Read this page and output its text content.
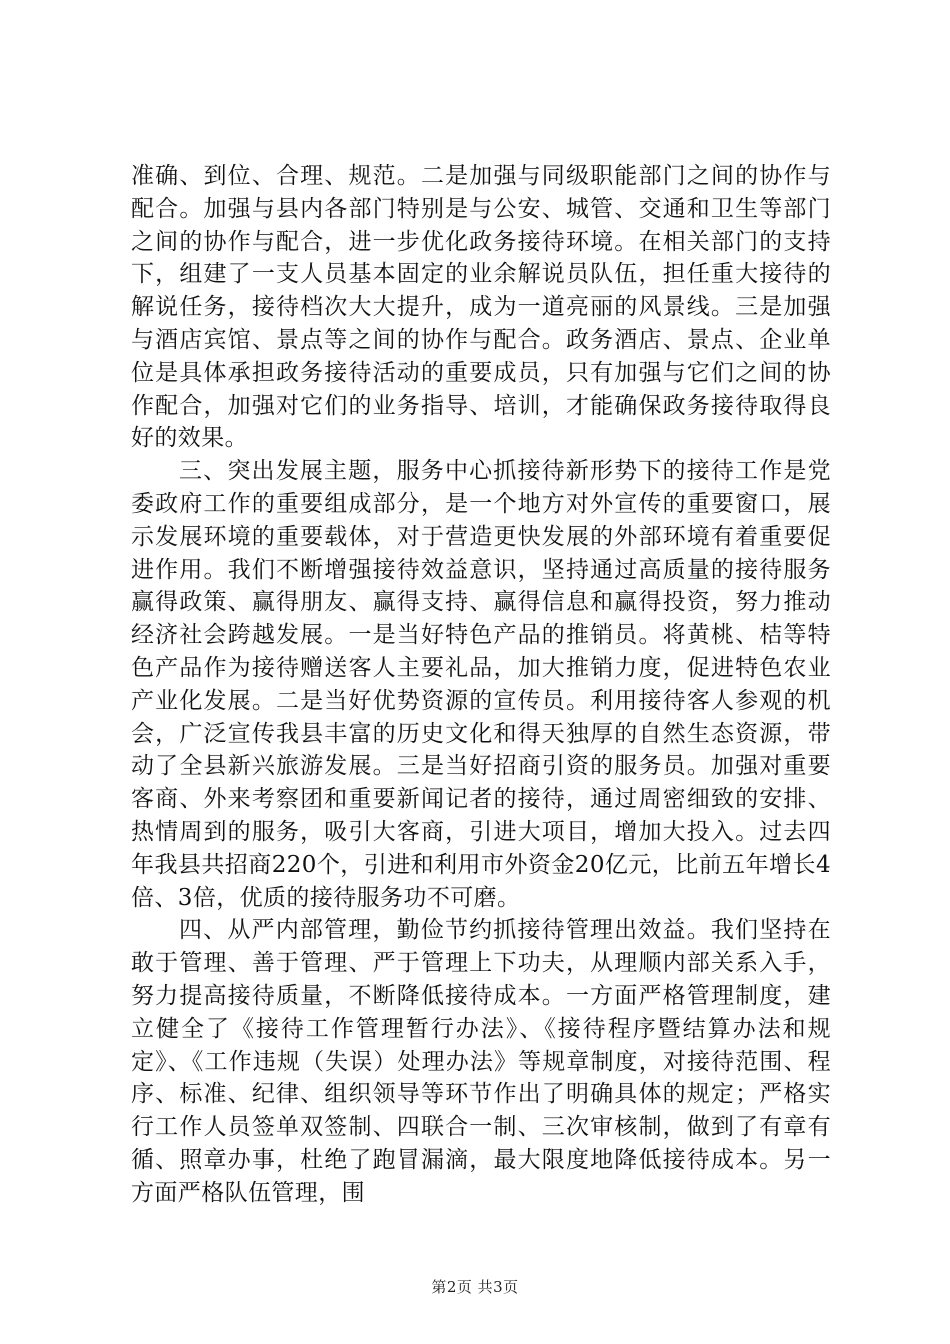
准确、到位、合理、规范。二是加强与同级职能部门之间的协作与配合。加强与县内各部门特别是与公安、城管、交通和卫生等部门之间的协作与配合，进一步优化政务接待环境。在相关部门的支持下，组建了一支人员基本固定的业余解说员队伍，担任重大接待的解说任务，接待档次大大提升，成为一道亮丽的风景线。三是加强与酒店宾馆、景点等之间的协作与配合。政务酒店、景点、企业单位是具体承担政务接待活动的重要成员，只有加强与它们之间的协作配合，加强对它们的业务指导、培训，才能确保政务接待取得良好的效果。

三、突出发展主题，服务中心抓接待新形势下的接待工作是党委政府工作的重要组成部分，是一个地方对外宣传的重要窗口，展示发展环境的重要载体，对于营造更快发展的外部环境有着重要促进作用。我们不断增强接待效益意识，坚持通过高质量的接待服务赢得政策、赢得朋友、赢得支持、赢得信息和赢得投资，努力推动经济社会跨越发展。一是当好特色产品的推销员。将黄桃、桔等特色产品作为接待赠送客人主要礼品，加大推销力度，促进特色农业产业化发展。二是当好优势资源的宣传员。利用接待客人参观的机会，广泛宣传我县丰富的历史文化和得天独厚的自然生态资源，带动了全县新兴旅游发展。三是当好招商引资的服务员。加强对重要客商、外来考察团和重要新闻记者的接待，通过周密细致的安排、热情周到的服务，吸引大客商，引进大项目，增加大投入。过去四年我县共招商220个，引进和利用市外资金20亿元，比前五年增长4倍、3倍，优质的接待服务功不可磨。

四、从严内部管理，勤俭节约抓接待管理出效益。我们坚持在敢于管理、善于管理、严于管理上下功夫，从理顺内部关系入手，努力提高接待质量，不断降低接待成本。一方面严格管理制度，建立健全了《接待工作管理暂行办法》、《接待程序暨结算办法和规定》、《工作违规（失误）处理办法》等规章制度，对接待范围、程序、标准、纪律、组织领导等环节作出了明确具体的规定；严格实行工作人员签单双签制、四联合一制、三次审核制，做到了有章有循、照章办事，杜绝了跑冒漏滴，最大限度地降低接待成本。另一方面严格队伍管理，围

第2页 共3页
